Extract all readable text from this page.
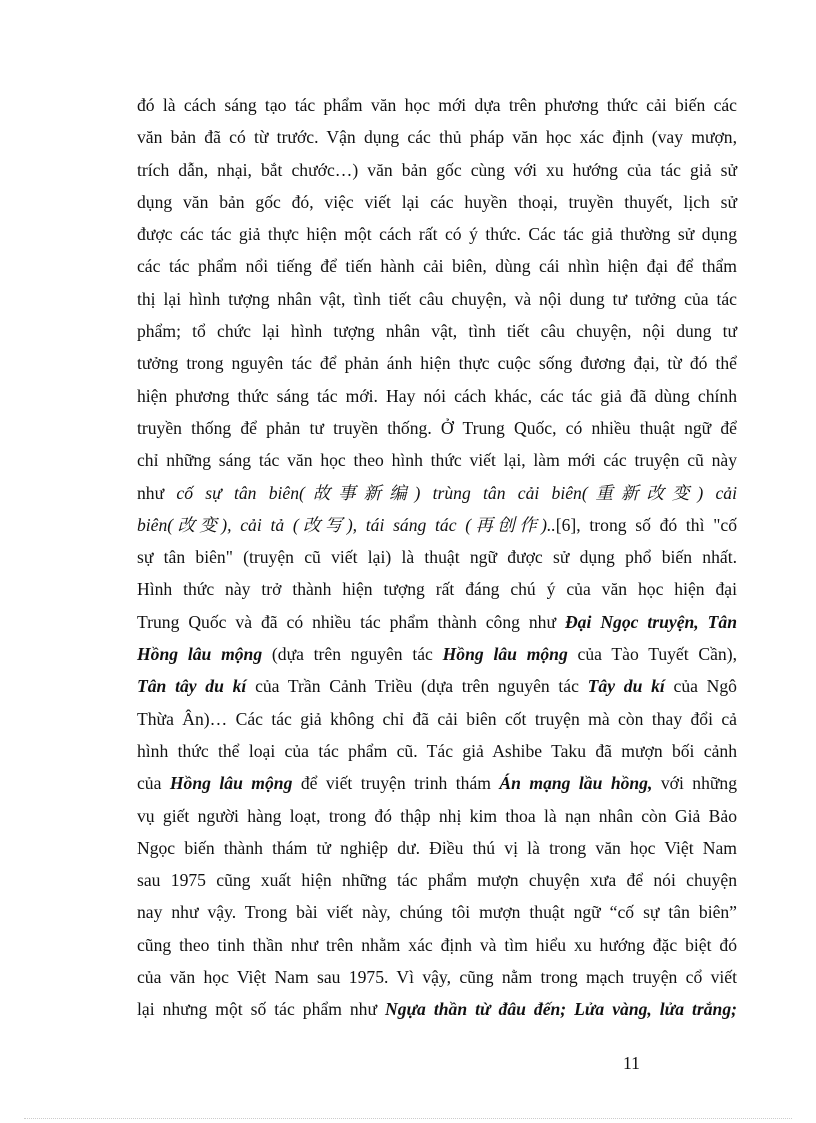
đó là cách sáng tạo tác phẩm văn học mới dựa trên phương thức cải biến các
văn bản đã có từ trước. Vận dụng các thủ pháp văn học xác định (vay mượn,
trích dẫn, nhại, bắt chước…) văn bản gốc cùng với xu hướng của tác giả sử
dụng văn bản gốc đó, việc viết lại các huyền thoại, truyền thuyết, lịch sử
được các tác giả thực hiện một cách rất có ý thức. Các tác giả thường sử dụng
các tác phẩm nổi tiếng để tiến hành cải biên, dùng cái nhìn hiện đại để thẩm
thị lại hình tượng nhân vật, tình tiết câu chuyện, và nội dung tư tưởng của tác
phẩm; tổ chức lại hình tượng nhân vật, tình tiết câu chuyện, nội dung tư
tưởng trong nguyên tác để phản ánh hiện thực cuộc sống đương đại, từ đó thể
hiện phương thức sáng tác mới. Hay nói cách khác, các tác giả đã dùng chính
truyền thống để phản tư truyền thống. Ở Trung Quốc, có nhiều thuật ngữ để
chỉ những sáng tác văn học theo hình thức viết lại, làm mới các truyện cũ này
như cố sự tân biên(故事新编) trùng tân cải biên(重新改变) cải
biên(改变), cải tả (改写), tái sáng tác (再创作)..[6], trong số đó thì "cố
sự tân biên" (truyện cũ viết lại) là thuật ngữ được sử dụng phổ biến nhất.
Hình thức này trở thành hiện tượng rất đáng chú ý của văn học hiện đại
Trung Quốc và đã có nhiều tác phẩm thành công như Đại Ngọc truyện, Tân
Hồng lâu mộng (dựa trên nguyên tác Hồng lâu mộng của Tào Tuyết Cần),
Tân tây du kí của Trần Cảnh Triều (dựa trên nguyên tác Tây du kí của Ngô
Thừa Ân)… Các tác giả không chỉ đã cải biên cốt truyện mà còn thay đổi cả
hình thức thể loại của tác phẩm cũ. Tác giả Ashibe Taku đã mượn bối cảnh
của Hồng lâu mộng để viết truyện trinh thám Án mạng lầu hồng, với những
vụ giết người hàng loạt, trong đó thập nhị kim thoa là nạn nhân còn Giả Bảo
Ngọc biến thành thám tử nghiệp dư. Điều thú vị là trong văn học Việt Nam
sau 1975 cũng xuất hiện những tác phẩm mượn chuyện xưa để nói chuyện
nay như vậy. Trong bài viết này, chúng tôi mượn thuật ngữ “cố sự tân biên”
cũng theo tinh thần như trên nhằm xác định và tìm hiểu xu hướng đặc biệt đó
của văn học Việt Nam sau 1975. Vì vậy, cũng nằm trong mạch truyện cổ viết
lại nhưng một số tác phẩm như Ngựa thần từ đâu đến; Lửa vàng, lửa trắng;
11
